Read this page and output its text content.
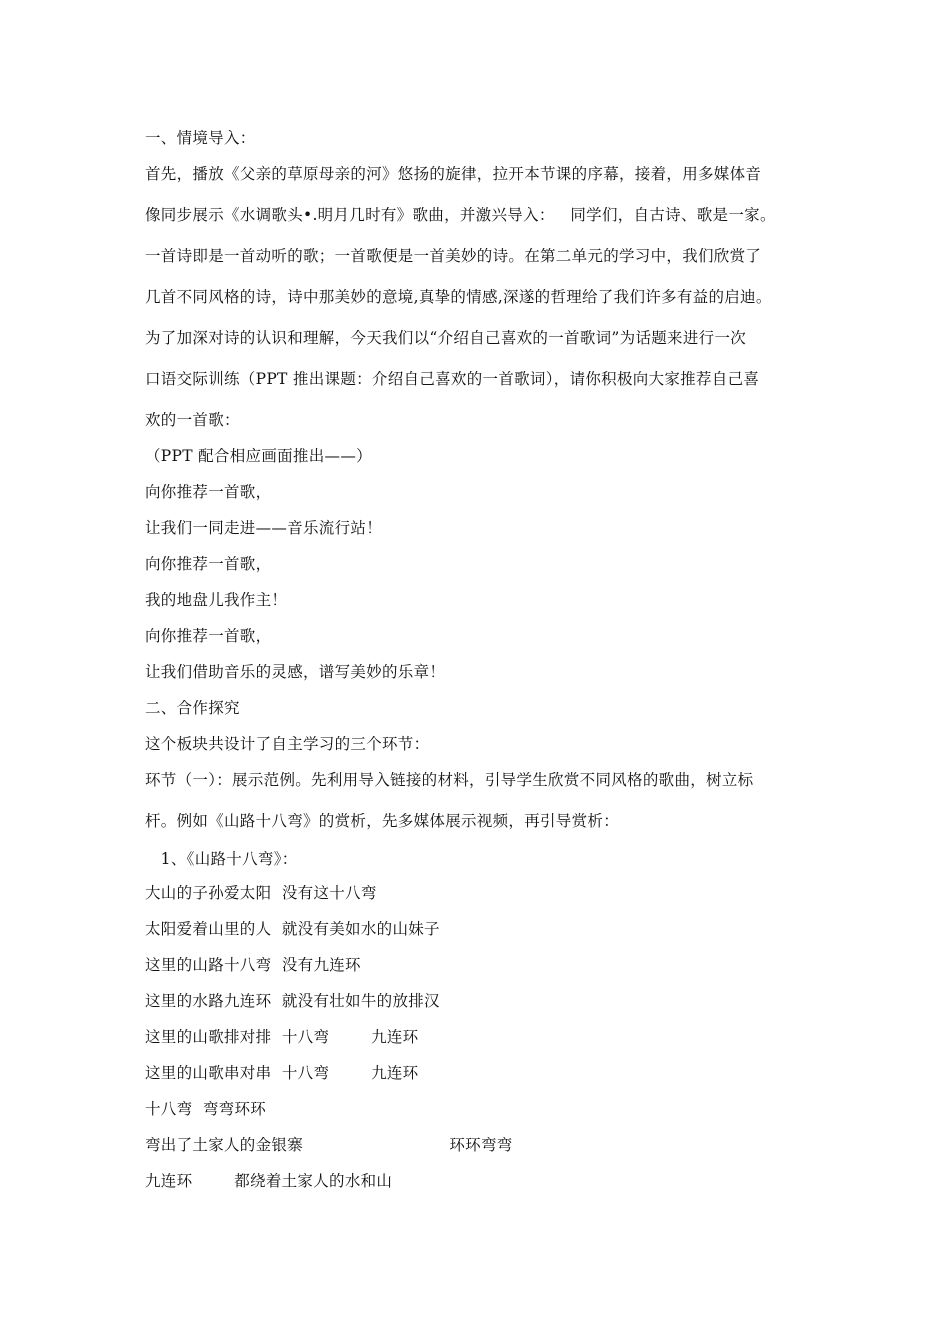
一、情境导入：
首先，播放《父亲的草原母亲的河》悠扬的旋律，拉开本节课的序幕，接着，用多媒体音
像同步展示《水调歌头•.明月几时有》歌曲，并激兴导入：   同学们，自古诗、歌是一家。
一首诗即是一首动听的歌；一首歌便是一首美妙的诗。在第二单元的学习中，我们欣赏了
几首不同风格的诗，诗中那美妙的意境,真挚的情感,深遂的哲理给了我们许多有益的启迪。
为了加深对诗的认识和理解，今天我们以“介绍自己喜欢的一首歌词”为话题来进行一次
口语交际训练（PPT 推出课题：介绍自己喜欢的一首歌词），请你积极向大家推荐自己喜
欢的一首歌：
（PPT 配合相应画面推出——）
向你推荐一首歌，
让我们一同走进——音乐流行站！
向你推荐一首歌，
我的地盘儿我作主！
向你推荐一首歌，
让我们借助音乐的灵感，谱写美妙的乐章！
二、合作探究
这个板块共设计了自主学习的三个环节：
环节（一）：展示范例。先利用导入链接的材料，引导学生欣赏不同风格的歌曲，树立标
杆。例如《山路十八弯》的赏析，先多媒体展示视频，再引导赏析：
1、《山路十八弯》：
大山的子孙爱太阳  没有这十八弯
太阳爱着山里的人  就没有美如水的山妹子
这里的山路十八弯  没有九连环
这里的水路九连环  就没有壮如牛的放排汉
这里的山歌排对排  十八弯        九连环
这里的山歌串对串  十八弯        九连环
十八弯  弯弯环环
弯出了土家人的金银寨                            环环弯弯
九连环        都绕着土家人的水和山
